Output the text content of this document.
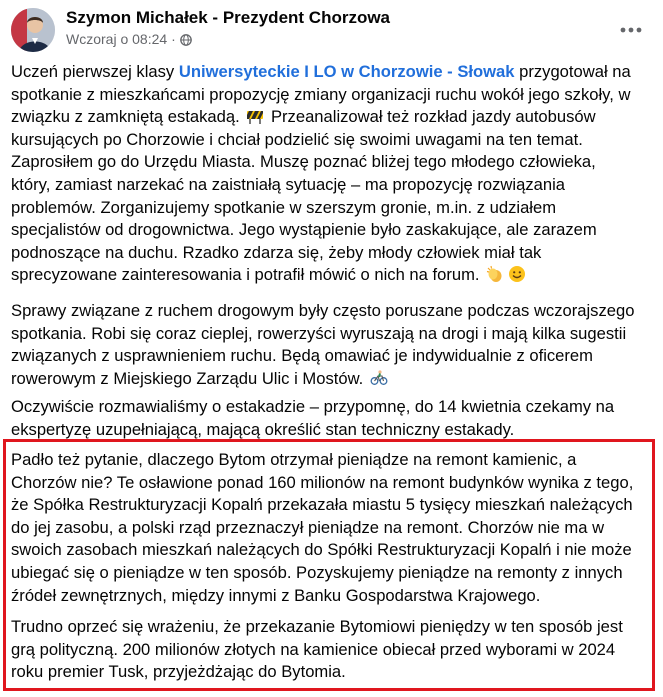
Szymon Michałek - Prezydent Chorzowa
Wczoraj o 08:24 ·
Uczeń pierwszej klasy Uniwersyteckie I LO w Chorzowie - Słowak przygotował na
spotkanie z mieszkańcami propozycję zmiany organizacji ruchu wokół jego szkoły, w
związku z zamkniętą estakadą.  Przeanalizował też rozkład jazdy autobusów
kursujących po Chorzowie i chciał podzielić się swoimi uwagami na ten temat.
Zaprosiłem go do Urzędu Miasta. Muszę poznać bliżej tego młodego człowieka,
który, zamiast narzekać na zaistniałą sytuację – ma propozycję rozwiązania
problemów. Zorganizujemy spotkanie w szerszym gronie, m.in. z udziałem
specjalistów od drogownictwa. Jego wystąpienie było zaskakujące, ale zarazem
podnoszące na duchu. Rzadko zdarza się, żeby młody człowiek miał tak
sprecyzowane zainteresowania i potrafił mówić o nich na forum.
Sprawy związane z ruchem drogowym były często poruszane podczas wczorajszego
spotkania. Robi się coraz cieplej, rowerzyści wyruszają na drogi i mają kilka sugestii
związanych z usprawnieniem ruchu. Będą omawiać je indywidualnie z oficerem
rowerowym z Miejskiego Zarządu Ulic i Mostów.
Oczywiście rozmawialiśmy o estakadzie – przypomnę, do 14 kwietnia czekamy na
ekspertyzę uzupełniającą, mającą określić stan techniczny estakady.
Padło też pytanie, dlaczego Bytom otrzymał pieniądze na remont kamienic, a
Chorzów nie? Te osławione ponad 160 milionów na remont budynków wynika z tego,
że Spółka Restrukturyzacji Kopalń przekazała miastu 5 tysięcy mieszkań należących
do jej zasobu, a polski rząd przeznaczył pieniądze na remont. Chorzów nie ma w
swoich zasobach mieszkań należących do Spółki Restrukturyzacji Kopalń i nie może
ubiegać się o pieniądze w ten sposób. Pozyskujemy pieniądze na remonty z innych
źródeł zewnętrznych, między innymi z Banku Gospodarstwa Krajowego.
Trudno oprzeć się wrażeniu, że przekazanie Bytomiowi pieniędzy w ten sposób jest
grą polityczną. 200 milionów złotych na kamienice obiecał przed wyborami w 2024
roku premier Tusk, przyjeżdżając do Bytomia.
